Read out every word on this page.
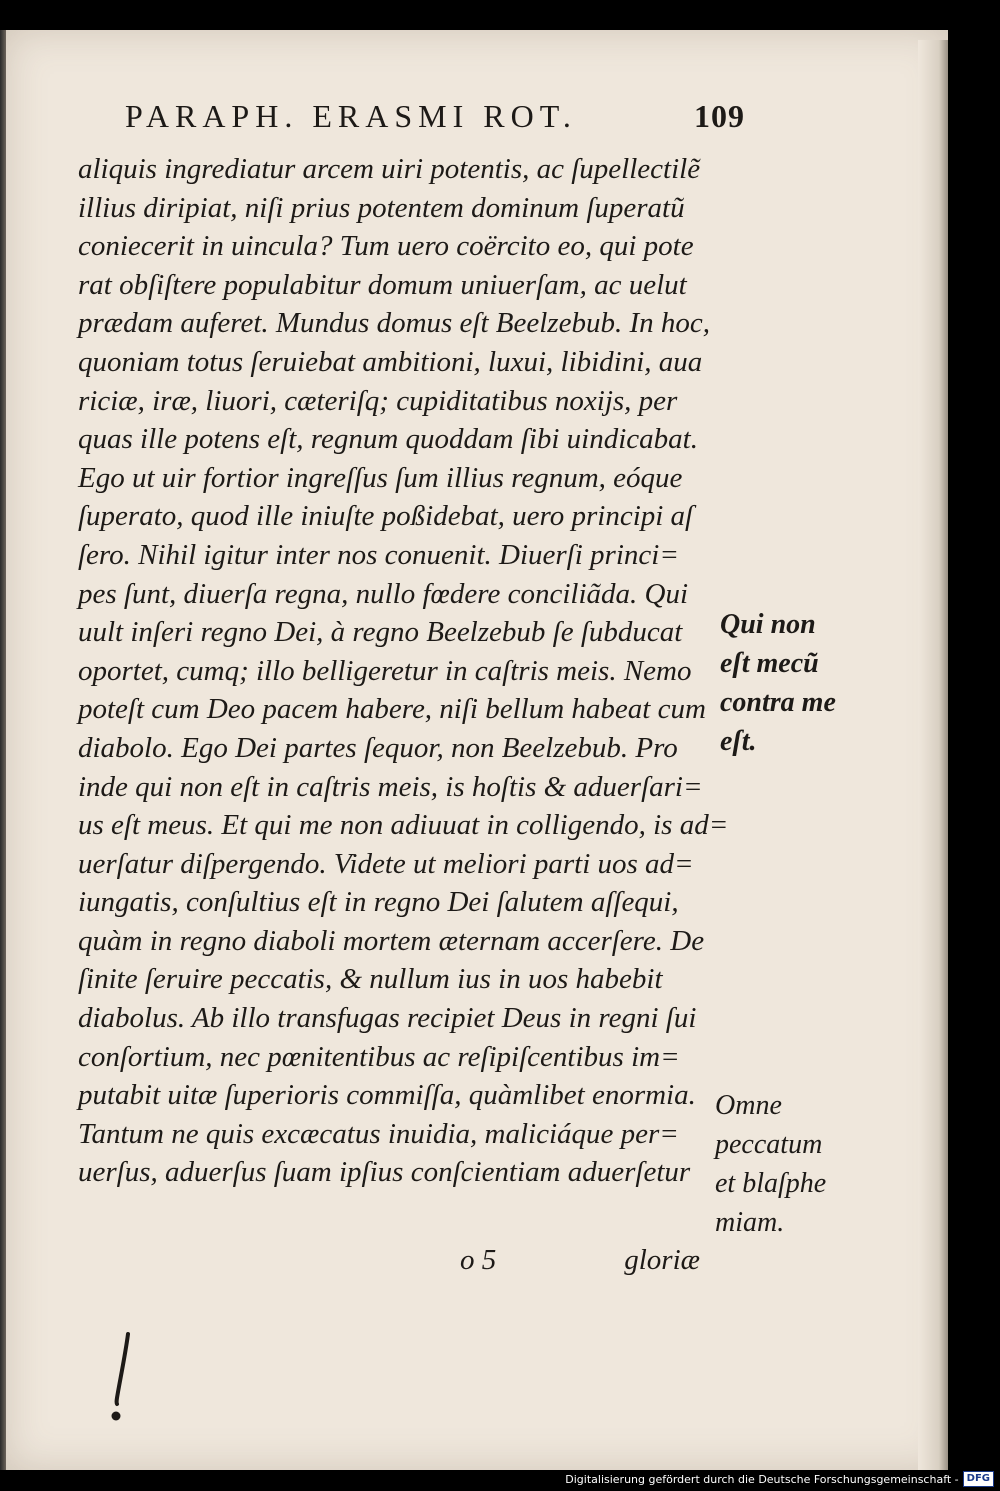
PARAPH. ERASMI ROT.	109
aliquis ingrediatur arcem uiri potentis, ac ſupellectilẽ
illius diripiat, niſi prius potentem dominum ſuperatũ
coniecerit in uincula? Tum uero coërcito eo, qui pote
rat obſiſtere populabitur domum uniuerſam, ac uelut
prædam auferet. Mundus domus eſt Beelzebub. In hoc,
quoniam totus ſeruiebat ambitioni, luxui, libidini, aua
riciæ, iræ, liuori, cæteriſq; cupiditatibus noxijs, per
quas ille potens eſt, regnum quoddam ſibi uindicabat.
Ego ut uir fortior ingreſſus ſum illius regnum, eóque
ſuperato, quod ille iniuſte poßidebat, uero principi aſ
ſero. Nihil igitur inter nos conuenit. Diuerſi princi=
pes ſunt, diuerſa regna, nullo fœdere conciliãda. Qui
uult inſeri regno Dei, à regno Beelzebub ſe ſubducat
oportet, cumq; illo belligeretur in caſtris meis. Nemo
poteſt cum Deo pacem habere, niſi bellum habeat cum
diabolo. Ego Dei partes ſequor, non Beelzebub. Pro
inde qui non eſt in caſtris meis, is hoſtis & aduerſari=
us eſt meus. Et qui me non adiuuat in colligendo, is ad=
uerſatur diſpergendo. Videte ut meliori parti uos ad=
iungatis, conſultius eſt in regno Dei ſalutem aſſequi,
quàm in regno diaboli mortem æternam accerſere. De
ſinite ſeruire peccatis, & nullum ius in uos habebit
diabolus. Ab illo transfugas recipiet Deus in regni ſui
conſortium, nec pœnitentibus ac reſipiſcentibus im=
putabit uitæ ſuperioris commiſſa, quàmlibet enormia.
Tantum ne quis excæcatus inuidia, maliciáque per=
uerſus, aduerſus ſuam ipſius conſcientiam aduerſetur
Qui non
eſt mecũ
contra me
eſt.
Omne
peccatum
et blaſphe
miam.
o 5	gloriæ
Digitalisierung gefördert durch die Deutsche Forschungsgemeinschaft - DFG
